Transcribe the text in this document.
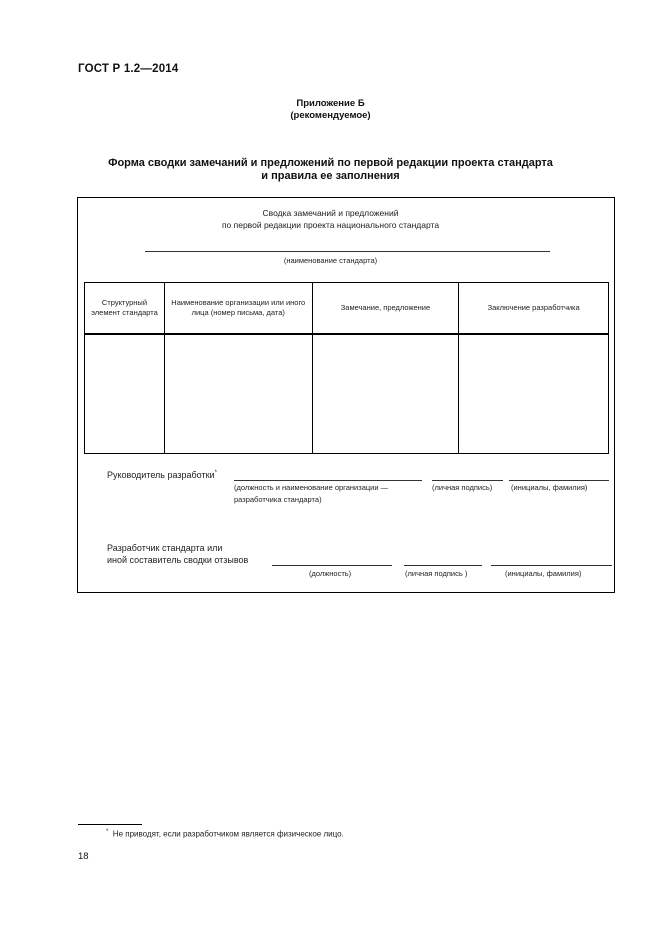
ГОСТ Р 1.2—2014
Приложение Б
(рекомендуемое)
Форма сводки замечаний и предложений по первой редакции проекта стандарта
и правила ее заполнения
Сводка замечаний и предложений
по первой редакции проекта национального стандарта
(наименование стандарта)
Структурный элемент стандарта	Наименование организации или иного лица (номер письма, дата)	Замечание, предложение	Заключение разработчика

Руководитель разработки*
(должность и наименование организации —
разработчика стандарта)
(личная подпись) (инициалы, фамилия)
Разработчик стандарта или
иной составитель сводки отзывов
(должность)	(личная подпись )	(инициалы, фамилия)
* Не приводят, если разработчиком является физическое лицо.
18
